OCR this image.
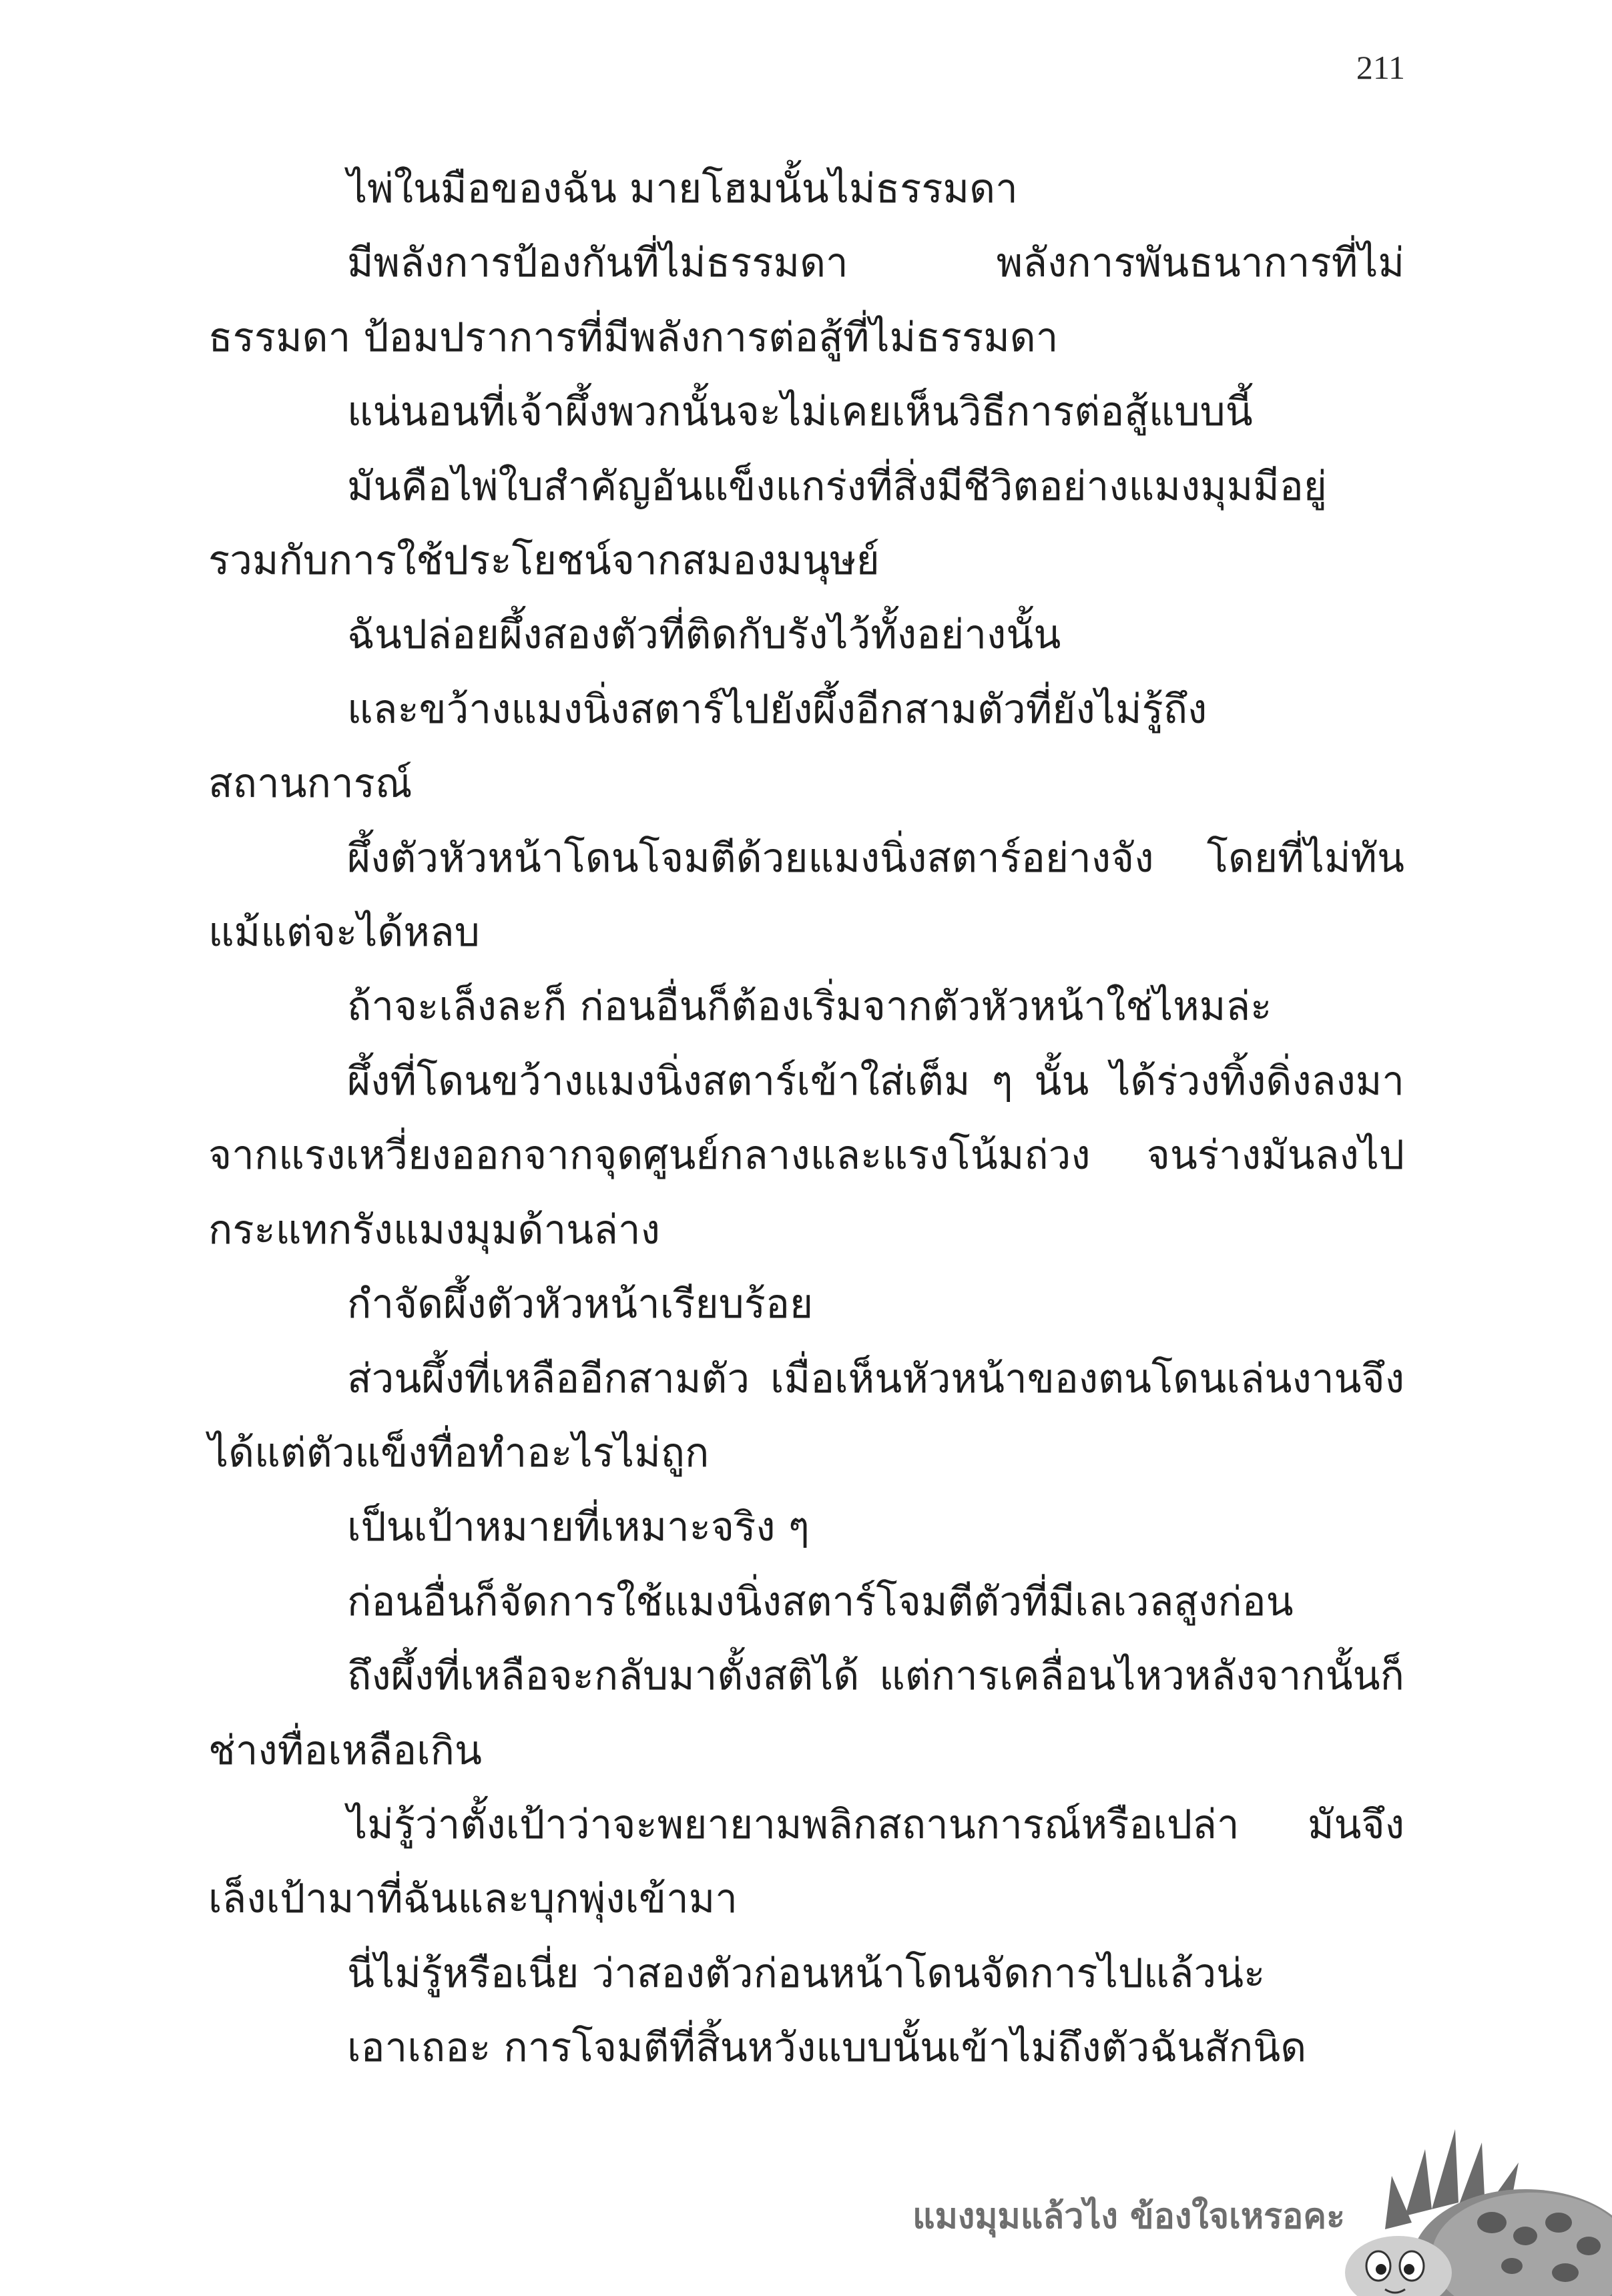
211

ไพ่ในมือของฉัน มายโฮมนั้นไม่ธรรมดา

มีพลังการป้องกันที่ไม่ธรรมดา พลังการพันธนาการที่ไม่ธรรมดา ป้อมปราการที่มีพลังการต่อสู้ที่ไม่ธรรมดา

แน่นอนที่เจ้าผึ้งพวกนั้นจะไม่เคยเห็นวิธีการต่อสู้แบบนี้

มันคือไพ่ใบสำคัญอันแข็งแกร่งที่สิ่งมีชีวิตอย่างแมงมุมมีอยู่ รวมกับการใช้ประโยชน์จากสมองมนุษย์

ฉันปล่อยผึ้งสองตัวที่ติดกับรังไว้ทั้งอย่างนั้น

และขว้างแมงนิ่งสตาร์ไปยังผึ้งอีกสามตัวที่ยังไม่รู้ถึงสถานการณ์

ผึ้งตัวหัวหน้าโดนโจมตีด้วยแมงนิ่งสตาร์อย่างจัง โดยที่ไม่ทันแม้แต่จะได้หลบ

ถ้าจะเล็งละก็ ก่อนอื่นก็ต้องเริ่มจากตัวหัวหน้าใช่ไหมล่ะ

ผึ้งที่โดนขว้างแมงนิ่งสตาร์เข้าใส่เต็ม ๆ นั้น ได้ร่วงทิ้งดิ่งลงมาจากแรงเหวี่ยงออกจากจุดศูนย์กลางและแรงโน้มถ่วง จนร่างมันลงไปกระแทกรังแมงมุมด้านล่าง

กำจัดผึ้งตัวหัวหน้าเรียบร้อย

ส่วนผึ้งที่เหลืออีกสามตัว เมื่อเห็นหัวหน้าของตนโดนเล่นงานจึงได้แต่ตัวแข็งทื่อทำอะไรไม่ถูก

เป็นเป้าหมายที่เหมาะจริง ๆ

ก่อนอื่นก็จัดการใช้แมงนิ่งสตาร์โจมตีตัวที่มีเลเวลสูงก่อน

ถึงผึ้งที่เหลือจะกลับมาตั้งสติได้ แต่การเคลื่อนไหวหลังจากนั้นก็ช่างทื่อเหลือเกิน

ไม่รู้ว่าตั้งเป้าว่าจะพยายามพลิกสถานการณ์หรือเปล่า มันจึงเล็งเป้ามาที่ฉันและบุกพุ่งเข้ามา

นี่ไม่รู้หรือเนี่ย ว่าสองตัวก่อนหน้าโดนจัดการไปแล้วน่ะ

เอาเถอะ การโจมตีที่สิ้นหวังแบบนั้นเข้าไม่ถึงตัวฉันสักนิด

แมงมุมแล้วไง ข้องใจเหรอคะ
